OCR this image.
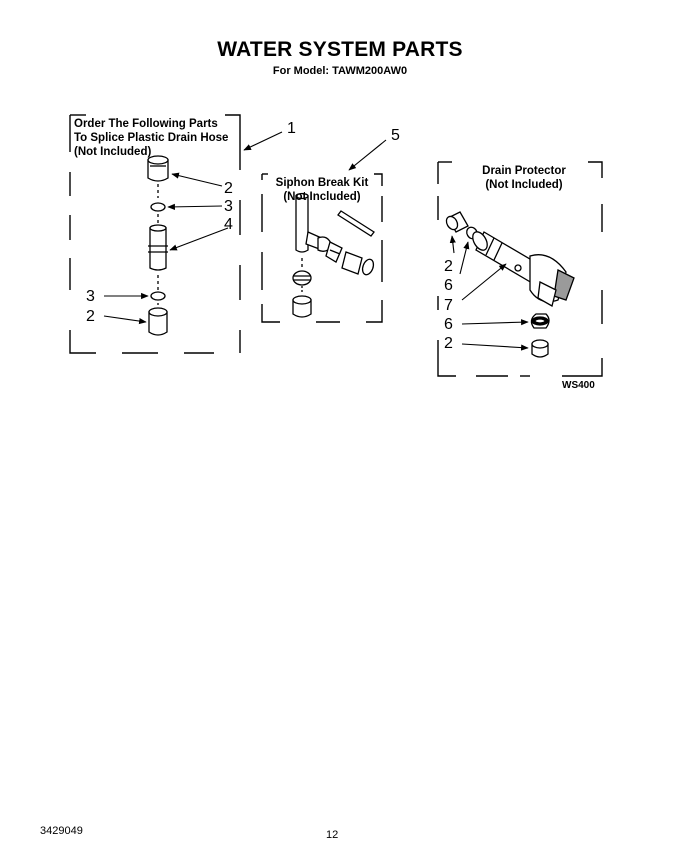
WATER SYSTEM PARTS
For Model: TAWM200AW0
Order The Following Parts
To Splice Plastic Drain Hose
(Not Included)
1
2
3
4
3
2
Siphon Break Kit
(Not Included)
5
Drain Protector
(Not Included)
2
6
7
6
2
WS400
3429049	12
